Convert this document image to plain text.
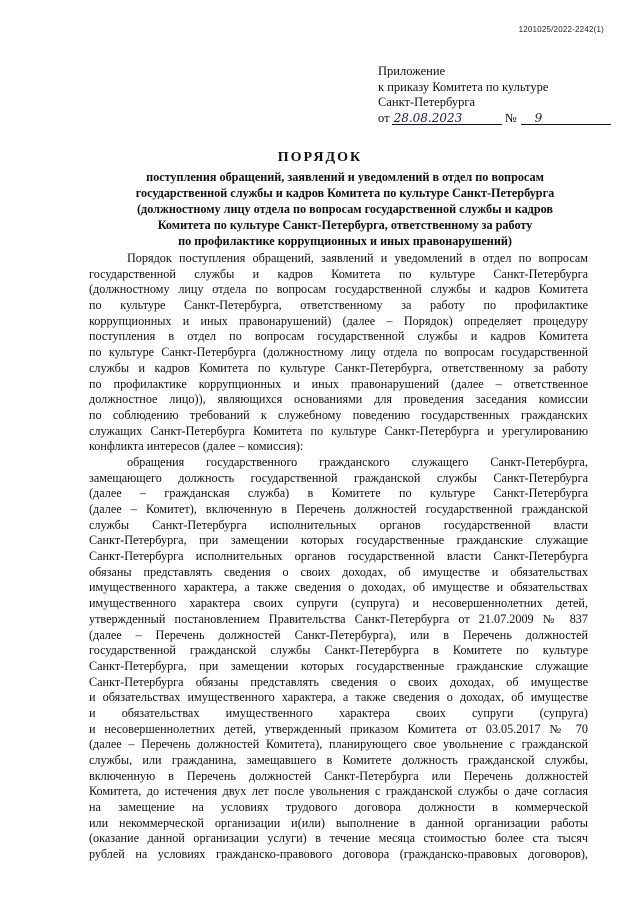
1201025/2022-2242(1)
Приложение
к приказу Комитета по культуре
Санкт-Петербурга
от 28.08.2023	№ 9
ПОРЯДОК
поступления обращений, заявлений и уведомлений в отдел по вопросам
государственной службы и кадров Комитета по культуре Санкт-Петербурга
(должностному лицу отдела по вопросам государственной службы и кадров
Комитета по культуре Санкт-Петербурга, ответственному за работу
по профилактике коррупционных и иных правонарушений)
Порядок поступления обращений, заявлений и уведомлений в отдел по вопросам
государственной службы и кадров Комитета по культуре Санкт-Петербурга
(должностному лицу отдела по вопросам государственной службы и кадров Комитета
по культуре Санкт-Петербурга, ответственному за работу по профилактике
коррупционных и иных правонарушений) (далее – Порядок) определяет процедуру
поступления в отдел по вопросам государственной службы и кадров Комитета
по культуре Санкт-Петербурга (должностному лицу отдела по вопросам государственной
службы и кадров Комитета по культуре Санкт-Петербурга, ответственному за работу
по профилактике коррупционных и иных правонарушений (далее – ответственное
должностное лицо)), являющихся основаниями для проведения заседания комиссии
по соблюдению требований к служебному поведению государственных гражданских
служащих Санкт-Петербурга Комитета по культуре Санкт-Петербурга и урегулированию
конфликта интересов (далее – комиссия):
обращения государственного гражданского служащего Санкт-Петербурга,
замещающего должность государственной гражданской службы Санкт-Петербурга
(далее – гражданская служба) в Комитете по культуре Санкт-Петербурга
(далее – Комитет), включенную в Перечень должностей государственной гражданской
службы Санкт-Петербурга исполнительных органов государственной власти
Санкт-Петербурга, при замещении которых государственные гражданские служащие
Санкт-Петербурга исполнительных органов государственной власти Санкт-Петербурга
обязаны представлять сведения о своих доходах, об имуществе и обязательствах
имущественного характера, а также сведения о доходах, об имуществе и обязательствах
имущественного характера своих супруги (супруга) и несовершеннолетних детей,
утвержденный постановлением Правительства Санкт-Петербурга от 21.07.2009 № 837
(далее – Перечень должностей Санкт-Петербурга), или в Перечень должностей
государственной гражданской службы Санкт-Петербурга в Комитете по культуре
Санкт-Петербурга, при замещении которых государственные гражданские служащие
Санкт-Петербурга обязаны представлять сведения о своих доходах, об имуществе
и обязательствах имущественного характера, а также сведения о доходах, об имуществе
и обязательствах имущественного характера своих супруги (супруга)
и несовершеннолетних детей, утвержденный приказом Комитета от 03.05.2017 № 70
(далее – Перечень должностей Комитета), планирующего свое увольнение с гражданской
службы, или гражданина, замещавшего в Комитете должность гражданской службы,
включенную в Перечень должностей Санкт-Петербурга или Перечень должностей
Комитета, до истечения двух лет после увольнения с гражданской службы о даче согласия
на замещение на условиях трудового договора должности в коммерческой
или некоммерческой организации и(или) выполнение в данной организации работы
(оказание данной организации услуги) в течение месяца стоимостью более ста тысяч
рублей на условиях гражданско-правового договора (гражданско-правовых договоров),
